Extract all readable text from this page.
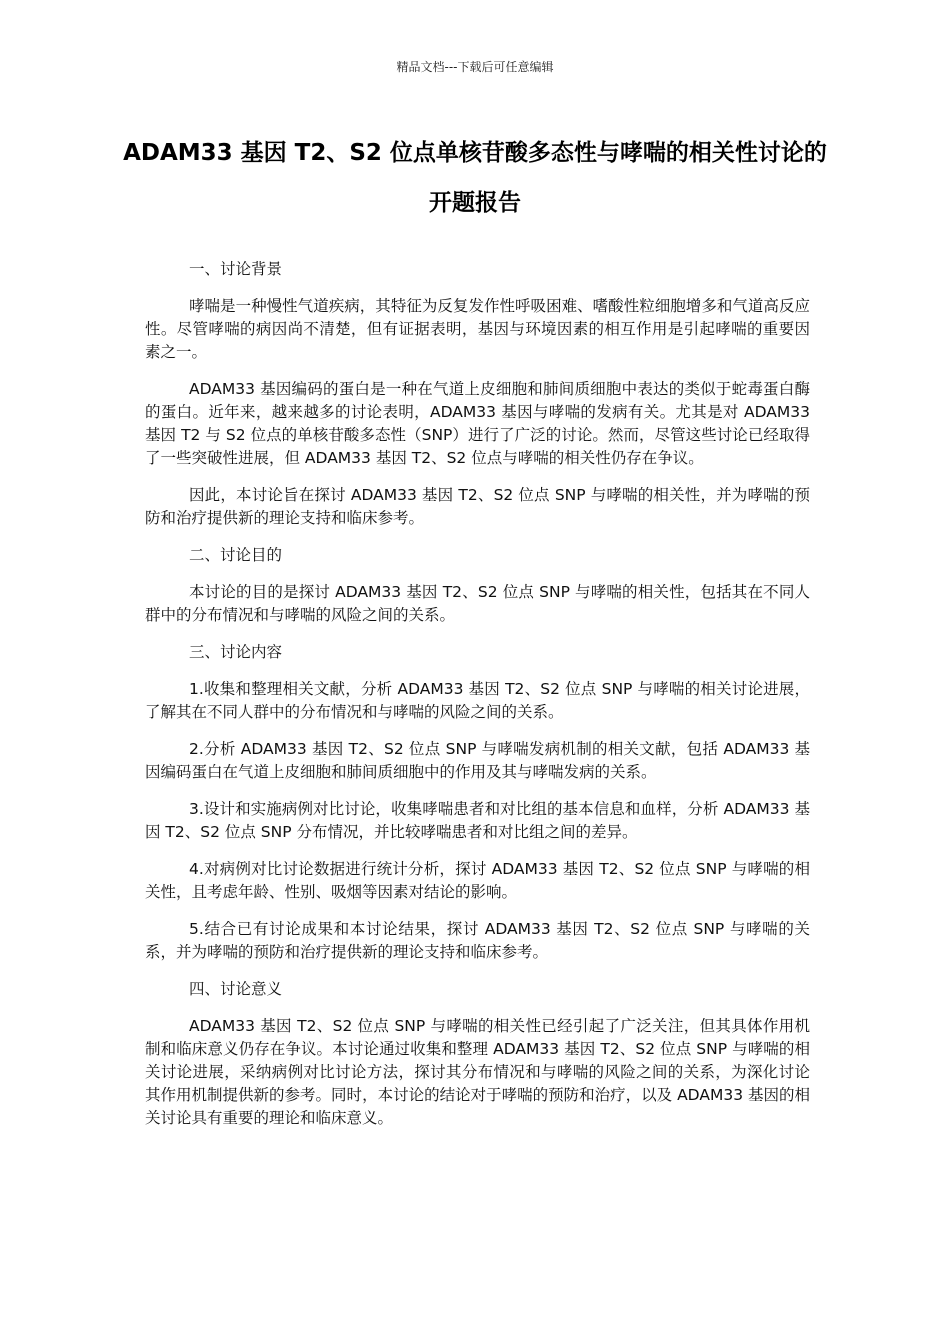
精品文档---下载后可任意编辑
ADAM33 基因 T2、S2 位点单核苷酸多态性与哮喘的相关性讨论的开题报告
一、讨论背景

哮喘是一种慢性气道疾病，其特征为反复发作性呼吸困难、嗜酸性粒细胞增多和气道高反应性。尽管哮喘的病因尚不清楚，但有证据表明，基因与环境因素的相互作用是引起哮喘的重要因素之一。

ADAM33 基因编码的蛋白是一种在气道上皮细胞和肺间质细胞中表达的类似于蛇毒蛋白酶的蛋白。近年来，越来越多的讨论表明，ADAM33 基因与哮喘的发病有关。尤其是对 ADAM33 基因 T2 与 S2 位点的单核苷酸多态性（SNP）进行了广泛的讨论。然而，尽管这些讨论已经取得了一些突破性进展，但 ADAM33 基因 T2、S2 位点与哮喘的相关性仍存在争议。

因此，本讨论旨在探讨 ADAM33 基因 T2、S2 位点 SNP 与哮喘的相关性，并为哮喘的预防和治疗提供新的理论支持和临床参考。

二、讨论目的

本讨论的目的是探讨 ADAM33 基因 T2、S2 位点 SNP 与哮喘的相关性，包括其在不同人群中的分布情况和与哮喘的风险之间的关系。

三、讨论内容

1.收集和整理相关文献，分析 ADAM33 基因 T2、S2 位点 SNP 与哮喘的相关讨论进展，了解其在不同人群中的分布情况和与哮喘的风险之间的关系。

2.分析 ADAM33 基因 T2、S2 位点 SNP 与哮喘发病机制的相关文献，包括 ADAM33 基因编码蛋白在气道上皮细胞和肺间质细胞中的作用及其与哮喘发病的关系。

3.设计和实施病例对比讨论，收集哮喘患者和对比组的基本信息和血样，分析 ADAM33 基因 T2、S2 位点 SNP 分布情况，并比较哮喘患者和对比组之间的差异。

4.对病例对比讨论数据进行统计分析，探讨 ADAM33 基因 T2、S2 位点 SNP 与哮喘的相关性，且考虑年龄、性别、吸烟等因素对结论的影响。

5.结合已有讨论成果和本讨论结果，探讨 ADAM33 基因 T2、S2 位点 SNP 与哮喘的关系，并为哮喘的预防和治疗提供新的理论支持和临床参考。

四、讨论意义

ADAM33 基因 T2、S2 位点 SNP 与哮喘的相关性已经引起了广泛关注，但其具体作用机制和临床意义仍存在争议。本讨论通过收集和整理 ADAM33 基因 T2、S2 位点 SNP 与哮喘的相关讨论进展，采纳病例对比讨论方法，探讨其分布情况和与哮喘的风险之间的关系，为深化讨论其作用机制提供新的参考。同时，本讨论的结论对于哮喘的预防和治疗，以及 ADAM33 基因的相关讨论具有重要的理论和临床意义。
